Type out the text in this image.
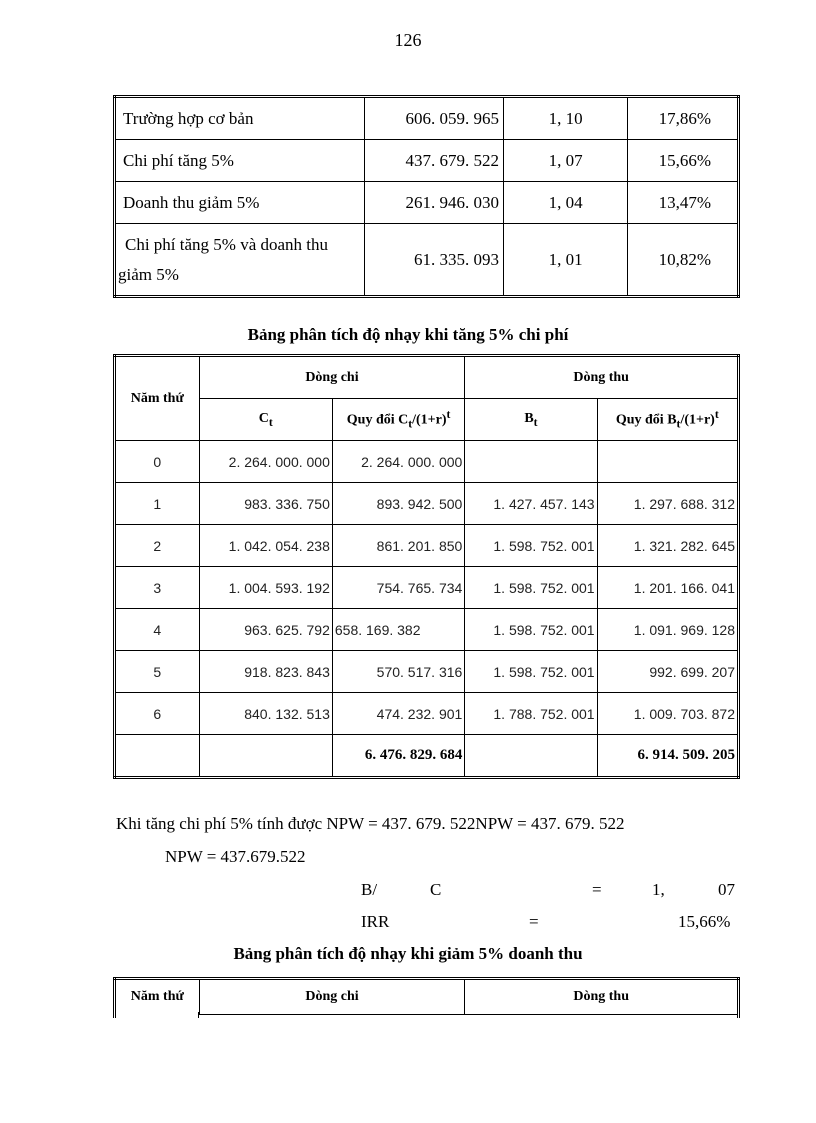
126
Trường hợp cơ bản	606. 059. 965	1, 10	17,86%
Chi phí tăng 5%	437. 679. 522	1, 07	15,66%
Doanh thu giảm 5%	261. 946. 030	1, 04	13,47%

Chi phí tăng 5% và doanh thu
giảm 5%	61. 335. 093	1, 01	10,82%
Bảng phân tích độ nhạy khi tăng 5% chi phí
Năm thứ	Dòng chi		Dòng thu	
	$C_t$	Quy đổi $C_t/(1+r)^t$	$B_t$	Quy đổi $B_t/(1+r)^t$
0	2. 264. 000. 000	2. 264. 000. 000		
1	983. 336. 750	893. 942. 500	1. 427. 457. 143	1. 297. 688. 312
2	1. 042. 054. 238	861. 201. 850	1. 598. 752. 001	1. 321. 282. 645
3	1. 004. 593. 192	754. 765. 734	1. 598. 752. 001	1. 201. 166. 041
4	963. 625. 792	658. 169. 382	1. 598. 752. 001	1. 091. 969. 128
5	918. 823. 843	570. 517. 316	1. 598. 752. 001	992. 699. 207
6	840. 132. 513	474. 232. 901	1. 788. 752. 001	1. 009. 703. 872
		6. 476. 829. 684		6. 914. 509. 205
Khi tăng chi phí 5% tính được NPW = 437. 679. 522NPW = 437. 679. 522
NPW = 437.679.522
B/	C	=	1,	07
IRR	=	15,66%
Bảng phân tích độ nhạy khi giảm 5% doanh thu
Năm thứ	Dòng chi	Dòng thu
